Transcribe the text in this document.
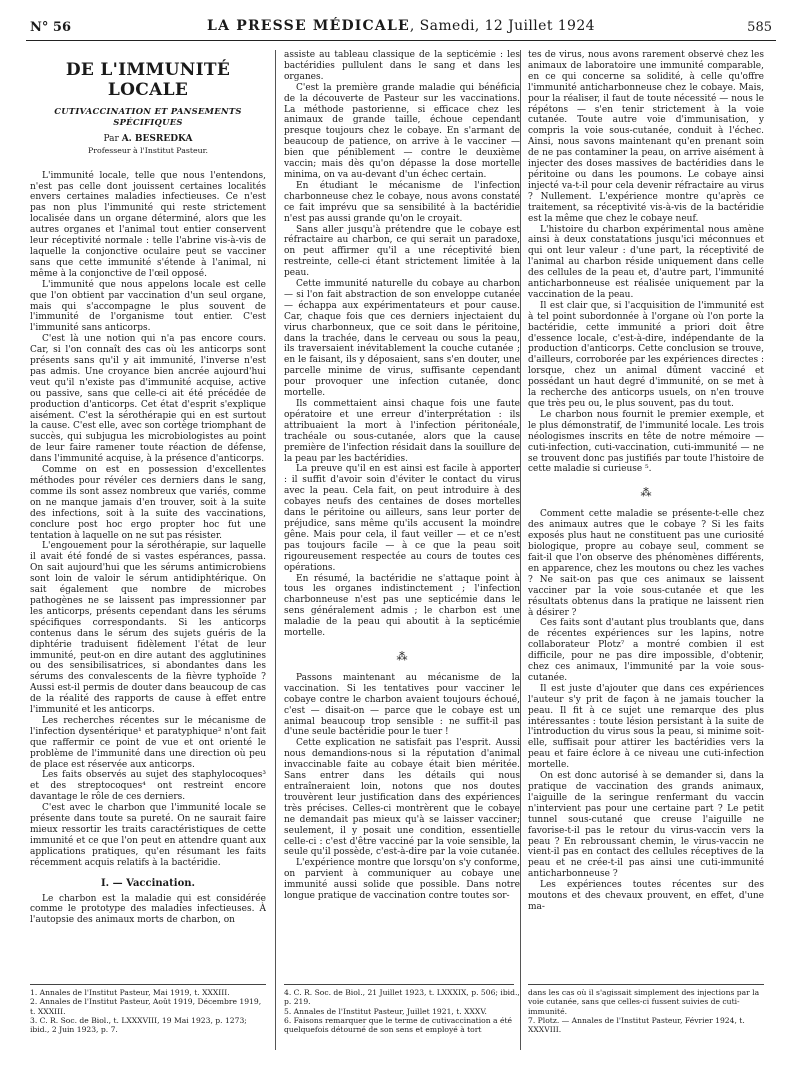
N° 56	LA PRESSE MÉDICALE, Samedi, 12 Juillet 1924	585
DE L'IMMUNITÉ LOCALE
CUTIVACCINATION ET PANSEMENTS SPÉCIFIQUES
Par A. BESREDKA
Professeur à l'Institut Pasteur.

L'immunité locale, telle que nous l'entendons, n'est pas celle dont jouissent certaines localités envers certaines maladies infectieuses. Ce n'est pas non plus l'immunité qui reste strictement localisée dans un organe déterminé, alors que les autres organes et l'animal tout entier conservent leur réceptivité normale : telle l'abrine vis-à-vis de laquelle la conjonctive oculaire peut se vacciner sans que cette immunité s'étende à l'animal, ni même à la conjonctive de l'œil opposé.

L'immunité que nous appelons locale est celle que l'on obtient par vaccination d'un seul organe, mais qui s'accompagne le plus souvent de l'immunité de l'organisme tout entier. C'est l'immunité sans anticorps.

C'est là une notion qui n'a pas encore cours. Car, si l'on connaît des cas où les anticorps sont présents sans qu'il y ait immunité, l'inverse n'est pas admis. Une croyance bien ancrée aujourd'hui veut qu'il n'existe pas d'immunité acquise, active ou passive, sans que celle-ci ait été précédée de production d'anticorps. Cet état d'esprit s'explique aisément. C'est la sérothérapie qui en est surtout la cause. C'est elle, avec son cortège triomphant de succès, qui subjugua les microbiologistes au point de leur faire ramener toute réaction de défense, dans l'immunité acquise, à la présence d'anticorps.

Comme on est en possession d'excellentes méthodes pour révéler ces derniers dans le sang, comme ils sont assez nombreux que variés, comme on ne manque jamais d'en trouver, soit à la suite des infections, soit à la suite des vaccinations, conclure post hoc ergo propter hoc fut une tentation à laquelle on ne sut pas résister.

L'engouement pour la sérothérapie, sur laquelle il avait été fondé de si vastes espérances, passa. On sait aujourd'hui que les sérums antimicrobiens sont loin de valoir le sérum antidiphtérique. On sait également que nombre de microbes pathogènes ne se laissent pas impressionner par les anticorps, présents cependant dans les sérums spécifiques correspondants. Si les anticorps contenus dans le sérum des sujets guéris de la diphtérie traduisent fidèlement l'état de leur immunité, peut-on en dire autant des agglutinines ou des sensibilisatrices, si abondantes dans les sérums des convalescents de la fièvre typhoïde ? Aussi est-il permis de douter dans beaucoup de cas de la réalité des rapports de cause à effet entre l'immunité et les anticorps.

Les recherches récentes sur le mécanisme de l'infection dysentérique¹ et paratyphique² n'ont fait que raffermir ce point de vue et ont orienté le problème de l'immunité dans une direction où peu de place est réservée aux anticorps.

Les faits observés au sujet des staphylocoques³ et des streptocoques⁴ ont restreint encore davantage le rôle de ces derniers.

C'est avec le charbon que l'immunité locale se présente dans toute sa pureté. On ne saurait faire mieux ressortir les traits caractéristiques de cette immunité et ce que l'on peut en attendre quant aux applications pratiques, qu'en résumant les faits récemment acquis relatifs à la bactéridie.

I. — Vaccination.

Le charbon est la maladie qui est considérée comme le prototype des maladies infectieuses. À l'autopsie des animaux morts de charbon, on

assiste au tableau classique de la septicémie : les bactéridies pullulent dans le sang et dans les organes.

C'est la première grande maladie qui bénéficia de la découverte de Pasteur sur les vaccinations. La méthode pastorienne, si efficace chez les animaux de grande taille, échoue cependant presque toujours chez le cobaye. En s'armant de beaucoup de patience, on arrive à le vacciner — bien que péniblement — contre le deuxième vaccin; mais dès qu'on dépasse la dose mortelle minima, on va au-devant d'un échec certain.

En étudiant le mécanisme de l'infection charbonneuse chez le cobaye, nous avons constaté ce fait imprévu que sa sensibilité à la bactéridie n'est pas aussi grande qu'on le croyait.

Sans aller jusqu'à prétendre que le cobaye est réfractaire au charbon, ce qui serait un paradoxe, on peut affirmer qu'il a une réceptivité bien restreinte, celle-ci étant strictement limitée à la peau.

Cette immunité naturelle du cobaye au charbon — si l'on fait abstraction de son enveloppe cutanée — échappa aux expérimentateurs et pour cause. Car, chaque fois que ces derniers injectaient du virus charbonneux, que ce soit dans le péritoine, dans la trachée, dans le cerveau ou sous la peau, ils traversaient inévitablement la couche cutanée ; en le faisant, ils y déposaient, sans s'en douter, une parcelle minime de virus, suffisante cependant pour provoquer une infection cutanée, donc mortelle.

Ils commettaient ainsi chaque fois une faute opératoire et une erreur d'interprétation : ils attribuaient la mort à l'infection péritonéale, trachéale ou sous-cutanée, alors que la cause première de l'infection résidait dans la souillure de la peau par les bactéridies.

La preuve qu'il en est ainsi est facile à apporter : il suffit d'avoir soin d'éviter le contact du virus avec la peau. Cela fait, on peut introduire à des cobayes neufs des centaines de doses mortelles dans le péritoine ou ailleurs, sans leur porter de préjudice, sans même qu'ils accusent la moindre gêne. Mais pour cela, il faut veiller — et ce n'est pas toujours facile — à ce que la peau soit rigoureusement respectée au cours de toutes ces opérations.

En résumé, la bactéridie ne s'attaque point à tous les organes indistinctement ; l'infection charbonneuse n'est pas une septicémie dans le sens généralement admis ; le charbon est une maladie de la peau qui aboutit à la septicémie mortelle.

⁂

Passons maintenant au mécanisme de la vaccination. Si les tentatives pour vacciner le cobaye contre le charbon avaient toujours échoué, c'est — disait-on — parce que le cobaye est un animal beaucoup trop sensible : ne suffit-il pas d'une seule bactéridie pour le tuer !

Cette explication ne satisfait pas l'esprit. Aussi nous demandions-nous si la réputation d'animal invaccinable faite au cobaye était bien méritée. Sans entrer dans les détails qui nous entraîneraient loin, notons que nos doutes trouvèrent leur justification dans des expériences très précises. Celles-ci montrèrent que le cobaye ne demandait pas mieux qu'à se laisser vacciner; seulement, il y posait une condition, essentielle celle-ci : c'est d'être vacciné par la voie sensible, la seule qu'il possède, c'est-à-dire par la voie cutanée.

L'expérience montre que lorsqu'on s'y conforme, on parvient à communiquer au cobaye une immunité aussi solide que possible. Dans notre longue pratique de vaccination contre toutes sor-

tes de virus, nous avons rarement observé chez les animaux de laboratoire une immunité comparable, en ce qui concerne sa solidité, à celle qu'offre l'immunité anticharbonneuse chez le cobaye. Mais, pour la réaliser, il faut de toute nécessité — nous le répétons — s'en tenir strictement à la voie cutanée. Toute autre voie d'immunisation, y compris la voie sous-cutanée, conduit à l'échec. Ainsi, nous savons maintenant qu'en prenant soin de ne pas contaminer la peau, on arrive aisément à injecter des doses massives de bactéridies dans le péritoine ou dans les poumons. Le cobaye ainsi injecté va-t-il pour cela devenir réfractaire au virus ? Nullement. L'expérience montre qu'après ce traitement, sa réceptivité vis-à-vis de la bactéridie est la même que chez le cobaye neuf.

L'histoire du charbon expérimental nous amène ainsi à deux constatations jusqu'ici méconnues et qui ont leur valeur : d'une part, la réceptivité de l'animal au charbon réside uniquement dans celle des cellules de la peau et, d'autre part, l'immunité anticharbonneuse est réalisée uniquement par la vaccination de la peau.

Il est clair que, si l'acquisition de l'immunité est à tel point subordonnée à l'organe où l'on porte la bactéridie, cette immunité a priori doit être d'essence locale, c'est-à-dire, indépendante de la production d'anticorps. Cette conclusion se trouve, d'ailleurs, corroborée par les expériences directes : lorsque, chez un animal dûment vacciné et possédant un haut degré d'immunité, on se met à la recherche des anticorps usuels, on n'en trouve que très peu ou, le plus souvent, pas du tout.

Le charbon nous fournit le premier exemple, et le plus démonstratif, de l'immunité locale. Les trois néologismes inscrits en tête de notre mémoire — cuti-infection, cuti-vaccination, cuti-immunité — ne se trouvent donc pas justifiés par toute l'histoire de cette maladie si curieuse ⁵.

⁂

Comment cette maladie se présente-t-elle chez des animaux autres que le cobaye ? Si les faits exposés plus haut ne constituent pas une curiosité biologique, propre au cobaye seul, comment se fait-il que l'on observe des phénomènes différents, en apparence, chez les moutons ou chez les vaches ? Ne sait-on pas que ces animaux se laissent vacciner par la voie sous-cutanée et que les résultats obtenus dans la pratique ne laissent rien à désirer ?

Ces faits sont d'autant plus troublants que, dans de récentes expériences sur les lapins, notre collaborateur Plotz⁷ a montré combien il est difficile, pour ne pas dire impossible, d'obtenir, chez ces animaux, l'immunité par la voie sous-cutanée.

Il est juste d'ajouter que dans ces expériences l'auteur s'y prit de façon à ne jamais toucher la peau. Il fit à ce sujet une remarque des plus intéressantes : toute lésion persistant à la suite de l'introduction du virus sous la peau, si minime soit-elle, suffisait pour attirer les bactéridies vers la peau et faire éclore à ce niveau une cuti-infection mortelle.

On est donc autorisé à se demander si, dans la pratique de vaccination des grands animaux, l'aiguille de la seringue renfermant du vaccin n'intervient pas pour une certaine part ? Le petit tunnel sous-cutané que creuse l'aiguille ne favorise-t-il pas le retour du virus-vaccin vers la peau ? En rebroussant chemin, le virus-vaccin ne vient-il pas en contact des cellules réceptives de la peau et ne crée-t-il pas ainsi une cuti-immunité anticharbonneuse ?

Les expériences toutes récentes sur des moutons et des chevaux prouvent, en effet, d'une ma-

1. Annales de l'Institut Pasteur, Mai 1919, t. XXXIII.
2. Annales de l'Institut Pasteur, Août 1919, Décembre 1919, t. XXXIII.
3. C. R. Soc. de Biol., t. LXXXVIII, 19 Mai 1923, p. 1273; ibid., 2 Juin 1923, p. 7.
4. C. R. Soc. de Biol., 21 Juillet 1923, t. LXXXIX, p. 506; ibid., p. 219.
5. Annales de l'Institut Pasteur, Juillet 1921, t. XXXV.
6. Faisons remarquer que le terme de cutivaccination a été quelquefois détourné de son sens et employé à tort
dans les cas où il s'agissait simplement des injections par la voie cutanée, sans que celles-ci fussent suivies de cuti-immunité.
7. Plotz. — Annales de l'Institut Pasteur, Février 1924, t. XXXVIII.
